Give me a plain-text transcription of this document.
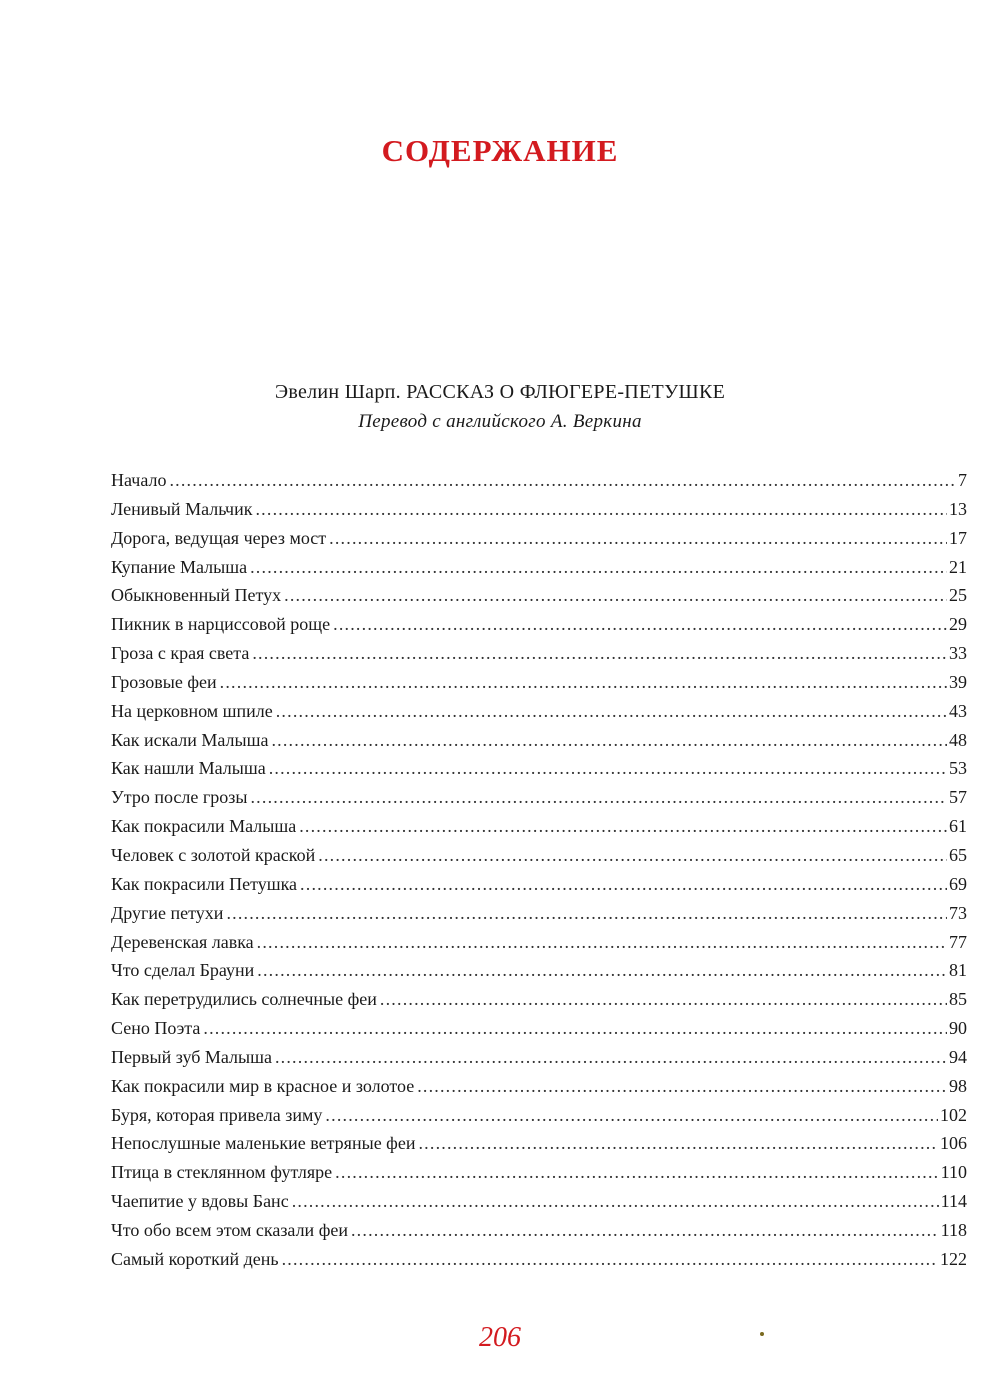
СОДЕРЖАНИЕ
Эвелин Шарп. РАССКАЗ О ФЛЮГЕРЕ-ПЕТУШКЕ
Перевод с английского А. Веркина
Начало .....	7
Ленивый Мальчик .....	13
Дорога, ведущая через мост .....	17
Купание Малыша .....	21
Обыкновенный Петух .....	25
Пикник в нарциссовой роще .....	29
Гроза с края света .....	33
Грозовые феи .....	39
На церковном шпиле .....	43
Как искали Малыша .....	48
Как нашли Малыша .....	53
Утро после грозы .....	57
Как покрасили Малыша .....	61
Человек с золотой краской .....	65
Как покрасили Петушка .....	69
Другие петухи .....	73
Деревенская лавка .....	77
Что сделал Брауни .....	81
Как перетрудились солнечные феи .....	85
Сено Поэта .....	90
Первый зуб Малыша .....	94
Как покрасили мир в красное и золотое .....	98
Буря, которая привела зиму .....	102
Непослушные маленькие ветряные феи .....	106
Птица в стеклянном футляре .....	110
Чаепитие у вдовы Банс .....	114
Что обо всем этом сказали феи .....	118
Самый короткий день .....	122
206
